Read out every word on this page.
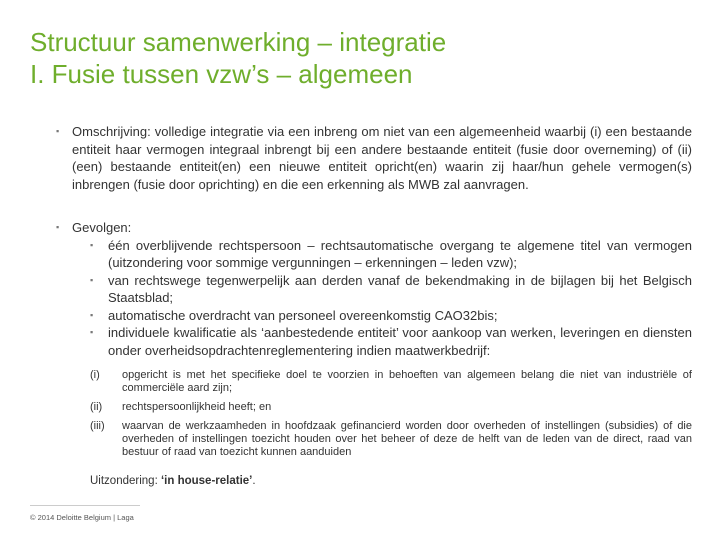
Structuur samenwerking – integratie
I. Fusie tussen vzw’s – algemeen
▪ Omschrijving: volledige integratie via een inbreng om niet van een algemeenheid waarbij (i) een bestaande entiteit haar vermogen integraal inbrengt bij een andere bestaande entiteit (fusie door overneming) of (ii) (een) bestaande entiteit(en) een nieuwe entiteit opricht(en) waarin zij haar/hun gehele vermogen(s) inbrengen (fusie door oprichting) en die een erkenning als MWB zal aanvragen.
▪ Gevolgen:
▪ één overblijvende rechtspersoon – rechtsautomatische overgang te algemene titel van vermogen (uitzondering voor sommige vergunningen – erkenningen – leden vzw);
▪ van rechtswege tegenwerpelijk aan derden vanaf de bekendmaking in de bijlagen bij het Belgisch Staatsblad;
▪ automatische overdracht van personeel overeenkomstig CAO32bis;
▪ individuele kwalificatie als ‘aanbestedende entiteit’ voor aankoop van werken, leveringen en diensten onder overheidsopdrachtenreglementering indien maatwerkbedrijf:
(i)	opgericht is met het specifieke doel te voorzien in behoeften van algemeen belang die niet van industriële of commerciële aard zijn;
(ii)	rechtspersoonlijkheid heeft; en
(iii)	waarvan de werkzaamheden in hoofdzaak gefinancierd worden door overheden of instellingen (subsidies) of die overheden of instellingen toezicht houden over het beheer of deze de helft van de leden van de direct, raad van bestuur of raad van toezicht kunnen aanduiden
Uitzondering: ‘in house-relatie’.
© 2014 Deloitte Belgium | Laga
